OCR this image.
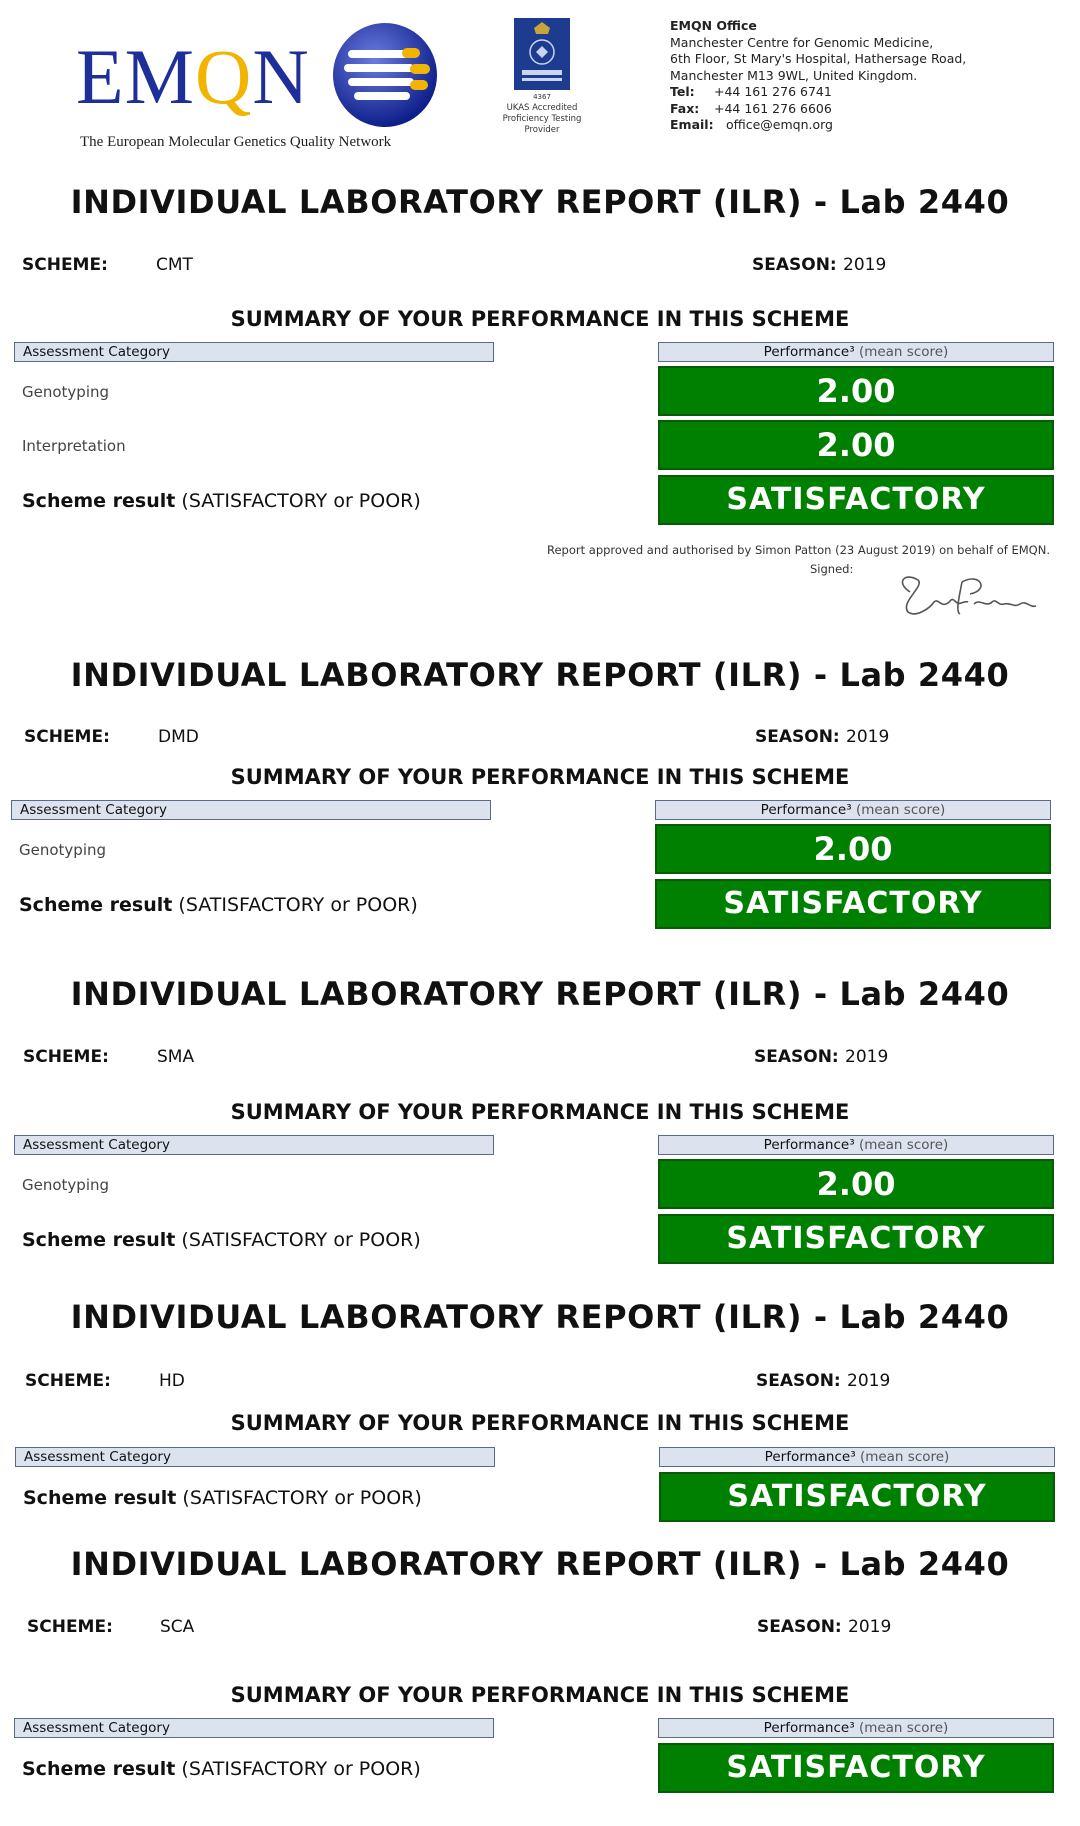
EMQN
The European Molecular Genetics Quality Network
4367
UKAS Accredited
Proficiency Testing
Provider
EMQN Office
Manchester Centre for Genomic Medicine,
6th Floor, St Mary's Hospital, Hathersage Road,
Manchester M13 9WL, United Kingdom.
Tel:
	+44 161 276 6741
Fax:
	+44 161 276 6606
Email:
office@emqn.org
INDIVIDUAL LABORATORY REPORT (ILR) - Lab 2440
SCHEME:	CMT	SEASON: 2019
SUMMARY OF YOUR PERFORMANCE IN THIS SCHEME
Assessment Category	Performance³ (mean score)
Genotyping	2.00
Interpretation	2.00
Scheme result (SATISFACTORY or POOR)	SATISFACTORY
Report approved and authorised by Simon Patton (23 August 2019) on behalf of EMQN.
Signed:
INDIVIDUAL LABORATORY REPORT (ILR) - Lab 2440
SCHEME:	DMD	SEASON: 2019
SUMMARY OF YOUR PERFORMANCE IN THIS SCHEME
Assessment Category	Performance³ (mean score)
Genotyping	2.00
Scheme result (SATISFACTORY or POOR)	SATISFACTORY
INDIVIDUAL LABORATORY REPORT (ILR) - Lab 2440
SCHEME:	SMA	SEASON: 2019
SUMMARY OF YOUR PERFORMANCE IN THIS SCHEME
Assessment Category	Performance³ (mean score)
Genotyping	2.00
Scheme result (SATISFACTORY or POOR)	SATISFACTORY
INDIVIDUAL LABORATORY REPORT (ILR) - Lab 2440
SCHEME:	HD	SEASON: 2019
SUMMARY OF YOUR PERFORMANCE IN THIS SCHEME
Assessment Category	Performance³ (mean score)
Scheme result (SATISFACTORY or POOR)	SATISFACTORY
INDIVIDUAL LABORATORY REPORT (ILR) - Lab 2440
SCHEME:	SCA	SEASON: 2019
SUMMARY OF YOUR PERFORMANCE IN THIS SCHEME
Assessment Category	Performance³ (mean score)
Scheme result (SATISFACTORY or POOR)	SATISFACTORY
